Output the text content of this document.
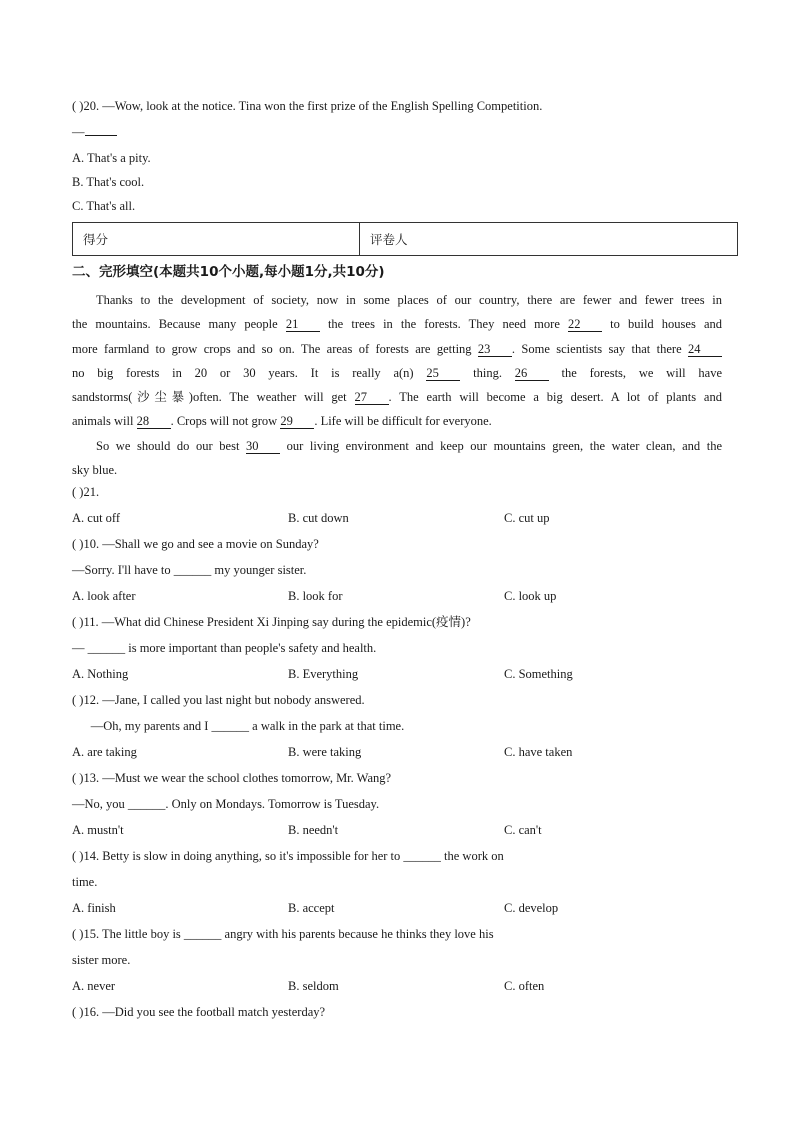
( )20. —Wow, look at the notice. Tina won the first prize of the English Spelling Competition.
—
A. That's a pity.
B. That's cool.
C. That's all.
得分	评卷人
二、完形填空(本题共10个小题,每小题1分,共10分)
Thanks to the development of society, now in some places of our country, there are fewer and fewer trees in
the mountains. Because many people 21 the trees in the forests. They need more 22 to build houses and
more farmland to grow crops and so on. The areas of forests are getting 23 . Some scientists say that there 24
no big forests in 20 or 30 years. It is really a(n) 25 thing. 26 the forests, we will have
sandstorms(沙尘暴)often. The weather will get 27 . The earth will become a big desert. A lot of plants and
animals will 28 . Crops will not grow 29 . Life will be difficult for everyone.
So we should do our best 30 our living environment and keep our mountains green, the water clean, and the
sky blue.
( )21.
A. cut off	B. cut down	C. cut up
( )10. —Shall we go and see a movie on Sunday?
—Sorry. I'll have to ______ my younger sister.
A. look after	B. look for	C. look up
( )11. —What did Chinese President Xi Jinping say during the epidemic(疫情)?
— ______ is more important than people's safety and health.
A. Nothing	B. Everything	C. Something
( )12. —Jane, I called you last night but nobody answered.
—Oh, my parents and I ______ a walk in the park at that time.
A. are taking	B. were taking	C. have taken
( )13. —Must we wear the school clothes tomorrow, Mr. Wang?
—No, you ______. Only on Mondays. Tomorrow is Tuesday.
A. mustn't	B. needn't	C. can't
( )14. Betty is slow in doing anything, so it's impossible for her to ______ the work on
time.
A. finish	B. accept	C. develop
( )15. The little boy is ______ angry with his parents because he thinks they love his
sister more.
A. never	B. seldom	C. often
( )16. —Did you see the football match yesterday?
